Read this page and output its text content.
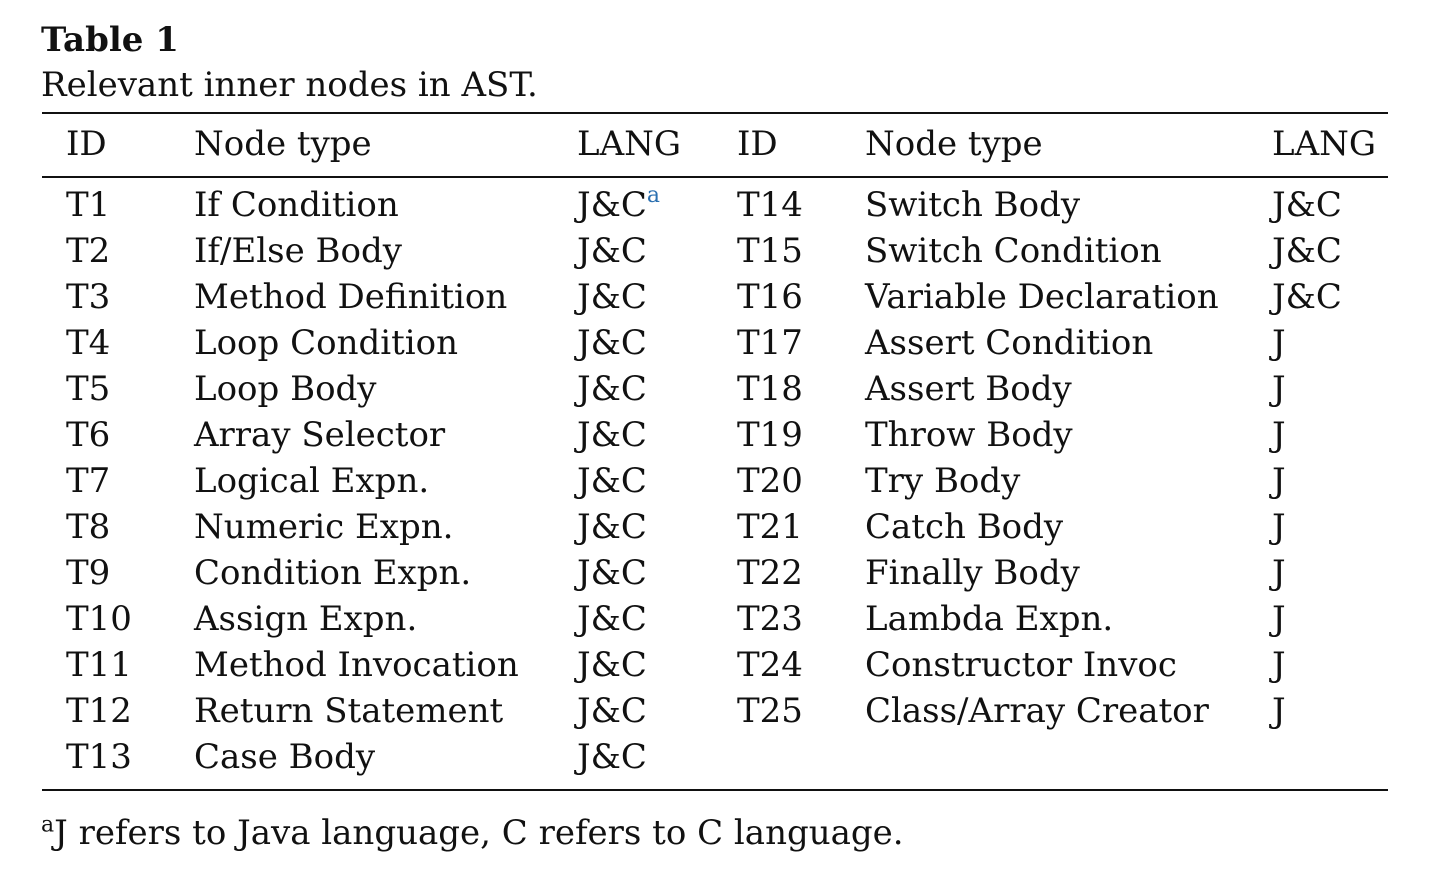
Table 1
Relevant inner nodes in AST.
ID	Node type	LANG	ID	Node type	LANG
T1	If Condition	$J\&C^a$	T14	Switch Body	J&C
T2	If/Else Body	J&C	T15	Switch Condition	J&C
T3	Method Definition	J&C	T16	Variable Declaration	J&C
T4	Loop Condition	J&C	T17	Assert Condition	J
T5	Loop Body	J&C	T18	Assert Body	J
T6	Array Selector	J&C	T19	Throw Body	J
T7	Logical Expn.	J&C	T20	Try Body	J
T8	Numeric Expn.	J&C	T21	Catch Body	J
T9	Condition Expn.	J&C	T22	Finally Body	J
T10	Assign Expn.	J&C	T23	Lambda Expn.	J
T11	Method Invocation	J&C	T24	Constructor Invoc	J
T12	Return Statement	J&C	T25	Class/Array Creator	J
T13	Case Body	J&C			
$^a$J refers to Java language, C refers to C language.
